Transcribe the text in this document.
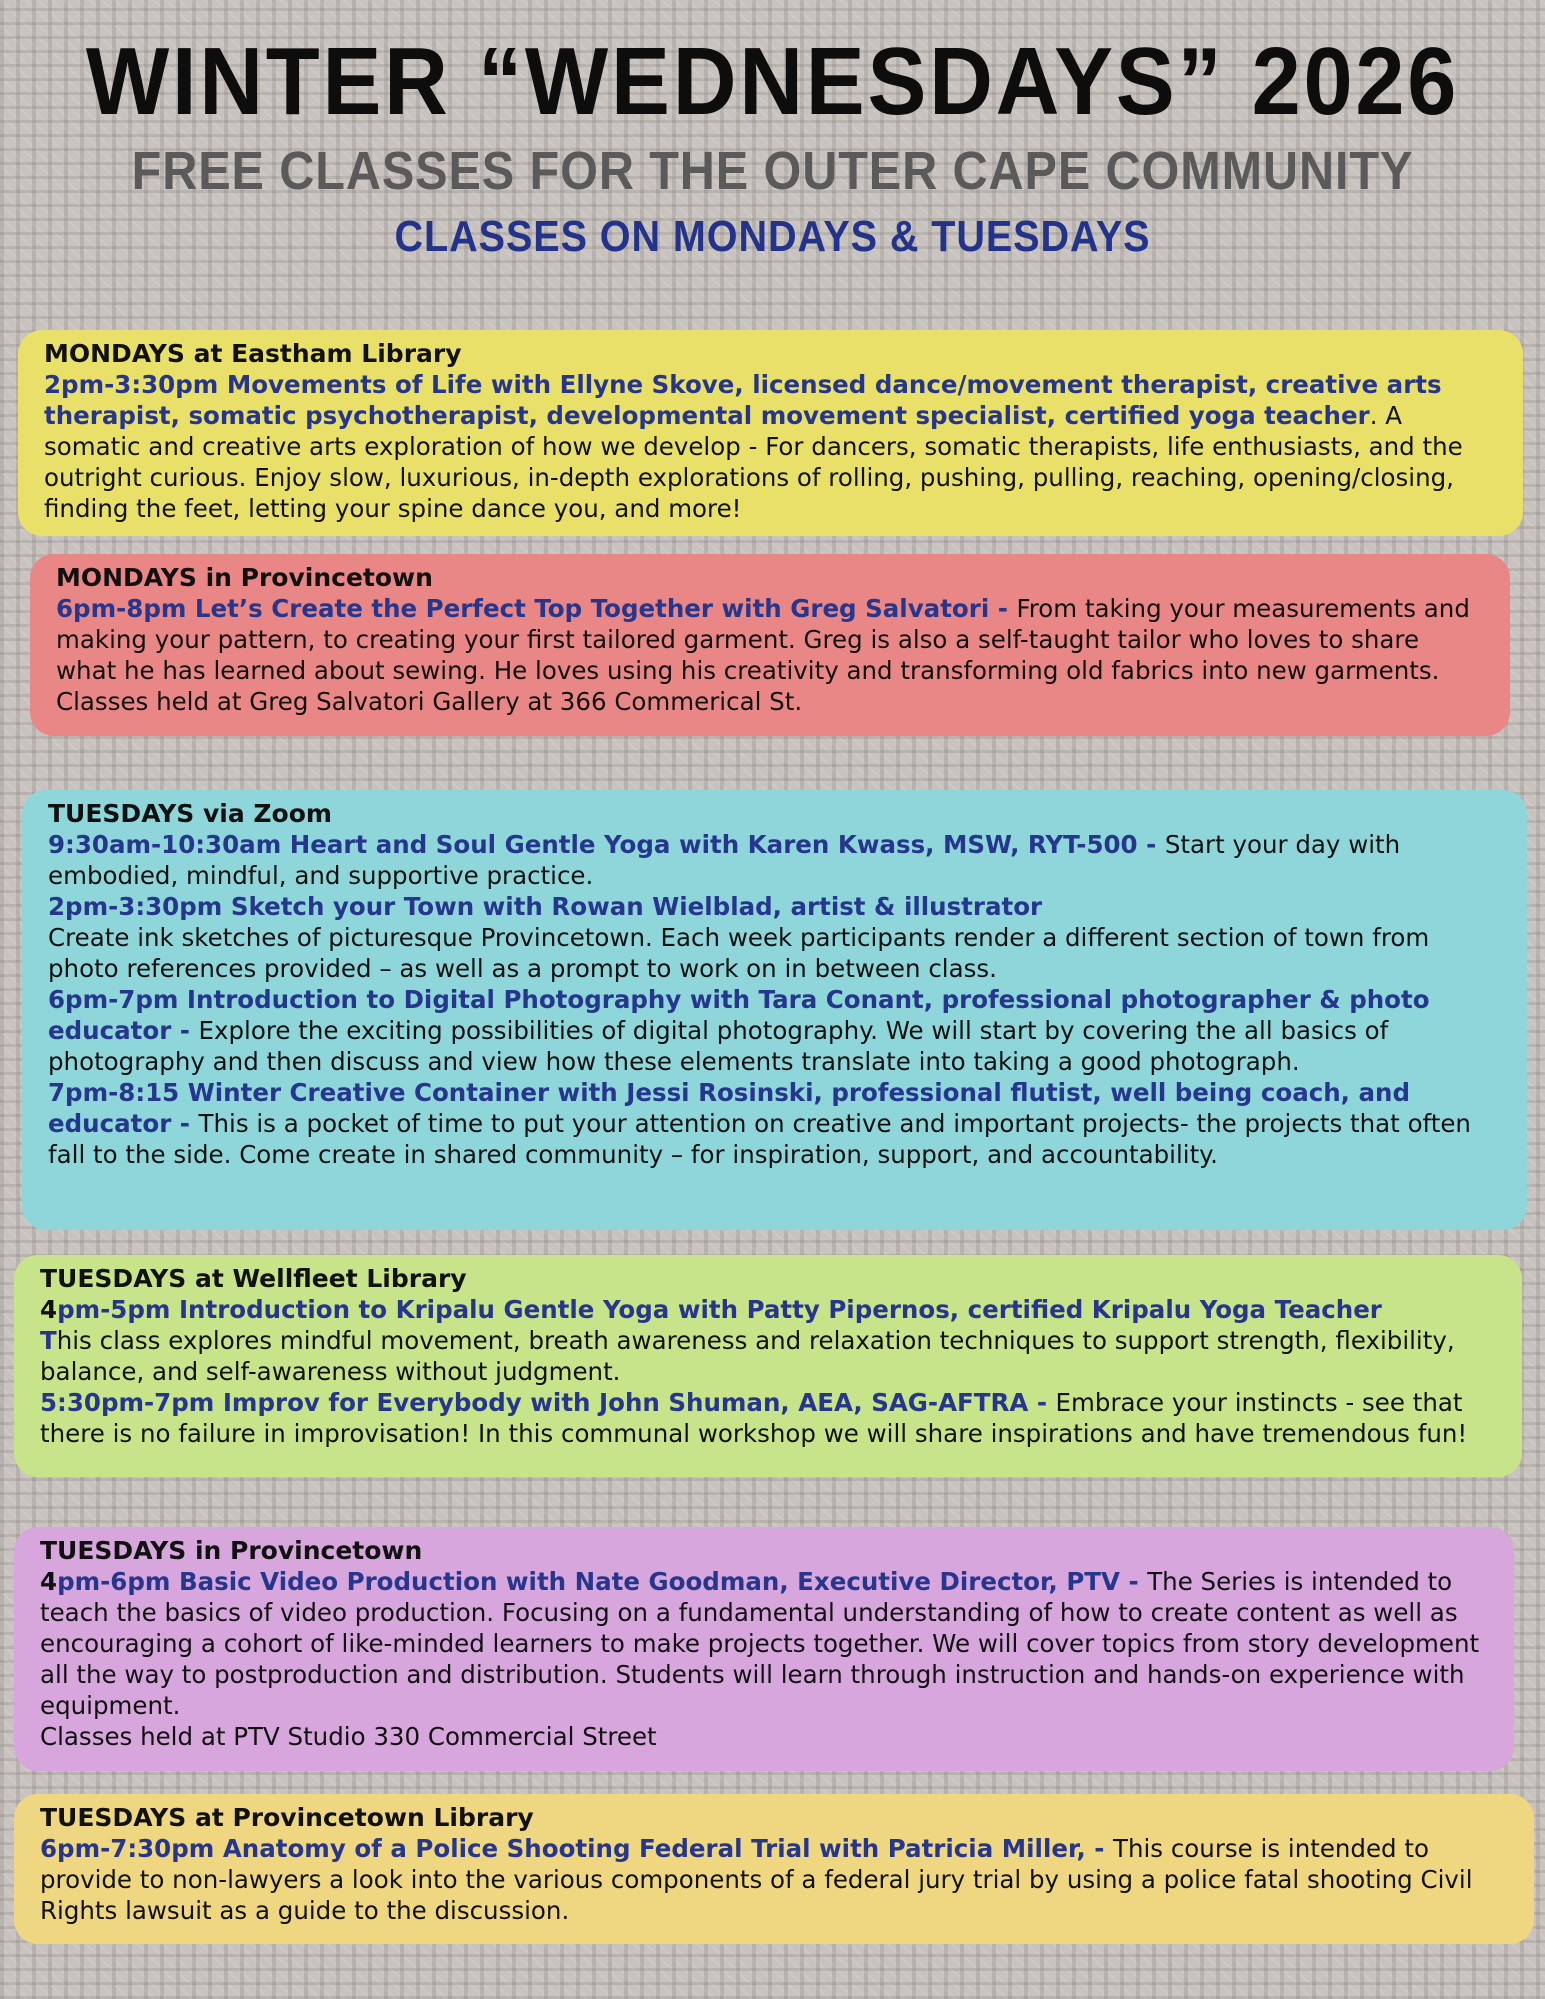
WINTER “WEDNESDAYS” 2026
FREE CLASSES FOR THE OUTER CAPE COMMUNITY
CLASSES ON MONDAYS & TUESDAYS
MONDAYS at Eastham Library

2pm-3:30pm Movements of Life with Ellyne Skove, licensed dance/movement therapist, creative arts therapist, somatic psychotherapist, developmental movement specialist, certified yoga teacher. A somatic and creative arts exploration of how we develop - For dancers, somatic therapists, life enthusiasts, and the outright curious. Enjoy slow, luxurious, in-depth explorations of rolling, pushing, pulling, reaching, opening/closing, finding the feet, letting your spine dance you, and more!

MONDAYS in Provincetown

6pm-8pm Let’s Create the Perfect Top Together with Greg Salvatori - From taking your measurements and making your pattern, to creating your first tailored garment. Greg is also a self-taught tailor who loves to share what he has learned about sewing. He loves using his creativity and transforming old fabrics into new garments. Classes held at Greg Salvatori Gallery at 366 Commerical St.

TUESDAYS via Zoom

9:30am-10:30am Heart and Soul Gentle Yoga with Karen Kwass, MSW, RYT-500 - Start your day with embodied, mindful, and supportive practice.

2pm-3:30pm Sketch your Town with Rowan Wielblad, artist & illustrator
Create ink sketches of picturesque Provincetown. Each week participants render a different section of town from photo references provided – as well as a prompt to work on in between class.

6pm-7pm Introduction to Digital Photography with Tara Conant, professional photographer & photo educator - Explore the exciting possibilities of digital photography. We will start by covering the all basics of photography and then discuss and view how these elements translate into taking a good photograph.

7pm-8:15 Winter Creative Container with Jessi Rosinski, professional flutist, well being coach, and educator - This is a pocket of time to put your attention on creative and important projects- the projects that often fall to the side. Come create in shared community – for inspiration, support, and accountability.

TUESDAYS at Wellfleet Library

4pm-5pm Introduction to Kripalu Gentle Yoga with Patty Pipernos, certified Kripalu Yoga Teacher
This class explores mindful movement, breath awareness and relaxation techniques to support strength, flexibility, balance, and self-awareness without judgment.

5:30pm-7pm Improv for Everybody with John Shuman, AEA, SAG-AFTRA - Embrace your instincts - see that there is no failure in improvisation! In this communal workshop we will share inspirations and have tremendous fun!

TUESDAYS in Provincetown

4pm-6pm Basic Video Production with Nate Goodman, Executive Director, PTV - The Series is intended to teach the basics of video production. Focusing on a fundamental understanding of how to create content as well as encouraging a cohort of like-minded learners to make projects together. We will cover topics from story development all the way to postproduction and distribution. Students will learn through instruction and hands-on experience with equipment.

Classes held at PTV Studio 330 Commercial Street

TUESDAYS at Provincetown Library

6pm-7:30pm Anatomy of a Police Shooting Federal Trial with Patricia Miller, - This course is intended to provide to non-lawyers a look into the various components of a federal jury trial by using a police fatal shooting Civil Rights lawsuit as a guide to the discussion.
